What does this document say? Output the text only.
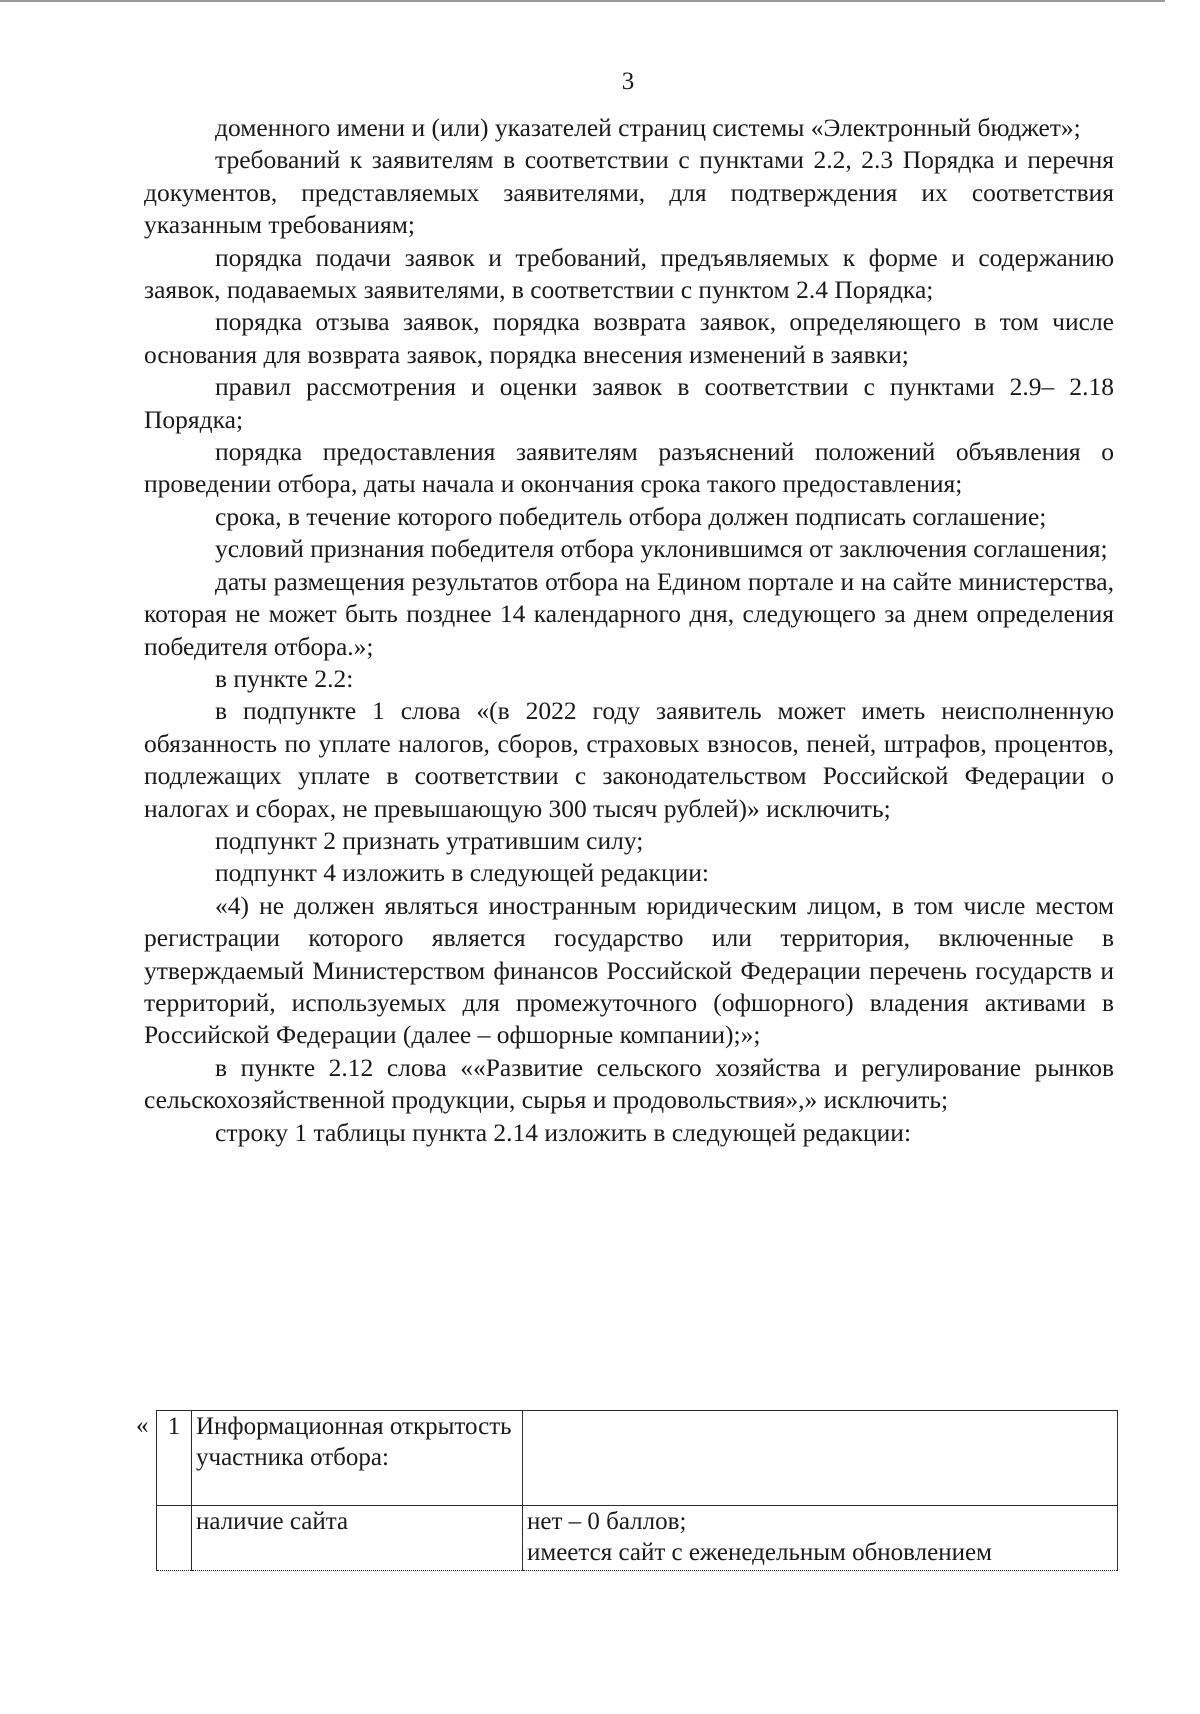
3

доменного имени и (или) указателей страниц системы «Электронный бюджет»;

требований к заявителям в соответствии с пунктами 2.2, 2.3 Порядка и перечня документов, представляемых заявителями, для подтверждения их соответствия указанным требованиям;

порядка подачи заявок и требований, предъявляемых к форме и содержанию заявок, подаваемых заявителями, в соответствии с пунктом 2.4 Порядка;

порядка отзыва заявок, порядка возврата заявок, определяющего в том числе основания для возврата заявок, порядка внесения изменений в заявки;

правил рассмотрения и оценки заявок в соответствии с пунктами 2.9– 2.18 Порядка;

порядка предоставления заявителям разъяснений положений объявления о проведении отбора, даты начала и окончания срока такого предоставления;

срока, в течение которого победитель отбора должен подписать соглашение;

условий признания победителя отбора уклонившимся от заключения соглашения;

даты размещения результатов отбора на Едином портале и на сайте министерства, которая не может быть позднее 14 календарного дня, следующего за днем определения победителя отбора.»;

в пункте 2.2:

в подпункте 1 слова «(в 2022 году заявитель может иметь неисполненную обязанность по уплате налогов, сборов, страховых взносов, пеней, штрафов, процентов, подлежащих уплате в соответствии с законодательством Российской Федерации о налогах и сборах, не превышающую 300 тысяч рублей)» исключить;

подпункт 2 признать утратившим силу;

подпункт 4 изложить в следующей редакции:

«4) не должен являться иностранным юридическим лицом, в том числе местом регистрации которого является государство или территория, включенные в утверждаемый Министерством финансов Российской Федерации перечень государств и территорий, используемых для промежуточного (офшорного) владения активами в Российской Федерации (далее – офшорные компании);»;

в пункте 2.12 слова ««Развитие сельского хозяйства и регулирование рынков сельскохозяйственной продукции, сырья и продовольствия»,» исключить;

строку 1 таблицы пункта 2.14 изложить в следующей редакции:

« 1	Информационная открытость участника отбора:	

	наличие сайта	нет – 0 баллов;
имеется сайт с еженедельным обновлением
